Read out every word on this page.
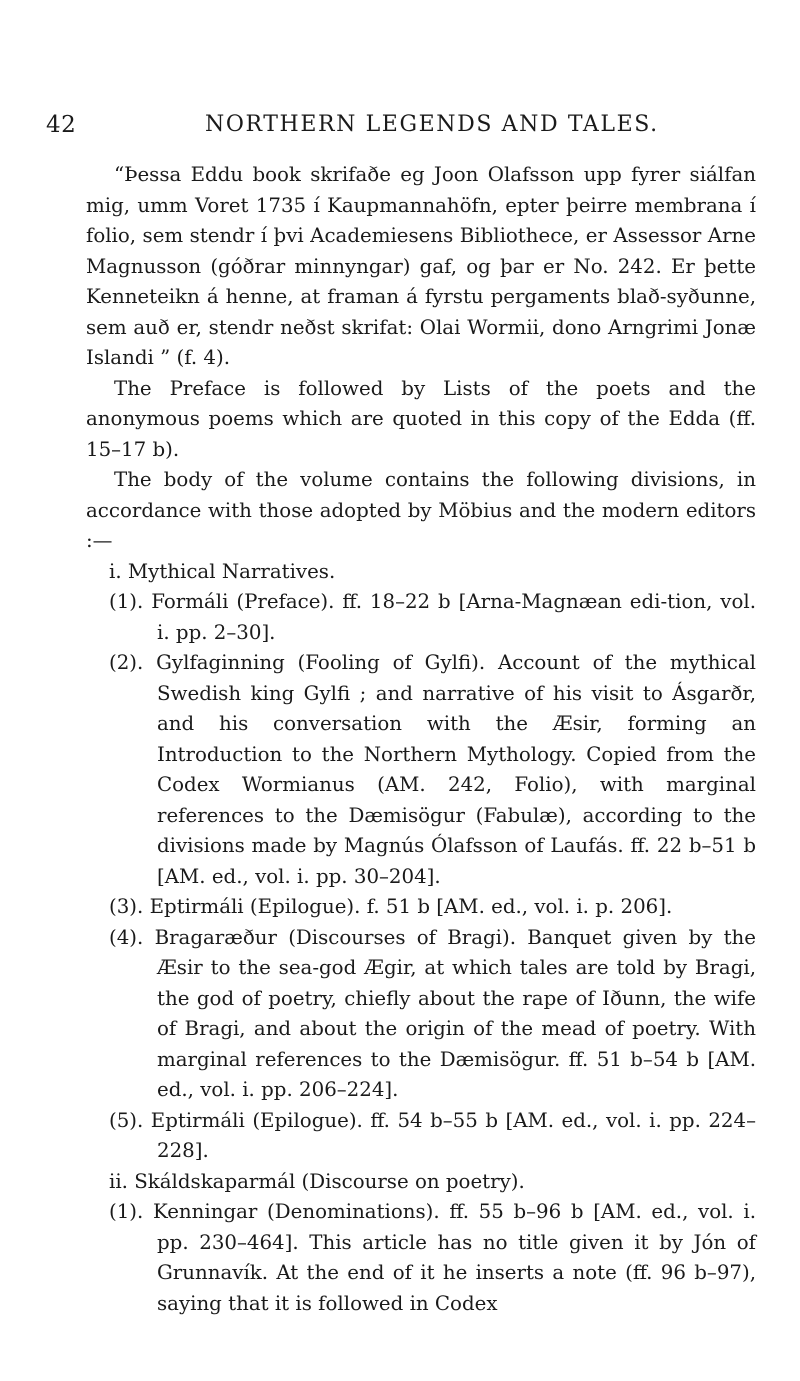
42	NORTHERN LEGENDS AND TALES.

“Þessa Eddu book skrifaðe eg Joon Olafsson upp fyrer siálfan mig, umm Voret 1735 í Kaupmannahöfn, epter þeirre membrana í folio, sem stendr í þvi Academiesens Bibliothece, er Assessor Arne Magnusson (góðrar minnyngar) gaf, og þar er No. 242. Er þette Kenneteikn á henne, at framan á fyrstu pergaments blað-syðunne, sem auð er, stendr neðst skrifat: Olai Wormii, dono Arngrimi Jonæ Islandi ” (f. 4).

The Preface is followed by Lists of the poets and the anonymous poems which are quoted in this copy of the Edda (ff. 15–17 b).

The body of the volume contains the following divisions, in accordance with those adopted by Möbius and the modern editors :—

i. Mythical Narratives.

(1). Formáli (Preface). ff. 18–22 b [Arna-Magnæan edi-tion, vol. i. pp. 2–30].

(2). Gylfaginning (Fooling of Gylfi). Account of the mythical Swedish king Gylfi ; and narrative of his visit to Ásgarðr, and his conversation with the Æsir, forming an Introduction to the Northern Mythology. Copied from the Codex Wormianus (AM. 242, Folio), with marginal references to the Dæmisögur (Fabulæ), according to the divisions made by Magnús Ólafsson of Laufás. ff. 22 b–51 b [AM. ed., vol. i. pp. 30–204].

(3). Eptirmáli (Epilogue). f. 51 b [AM. ed., vol. i. p. 206].

(4). Bragaræður (Discourses of Bragi). Banquet given by the Æsir to the sea-god Ægir, at which tales are told by Bragi, the god of poetry, chiefly about the rape of Iðunn, the wife of Bragi, and about the origin of the mead of poetry. With marginal references to the Dæmisögur. ff. 51 b–54 b [AM. ed., vol. i. pp. 206–224].

(5). Eptirmáli (Epilogue). ff. 54 b–55 b [AM. ed., vol. i. pp. 224–228].

ii. Skáldskaparmál (Discourse on poetry).

(1). Kenningar (Denominations). ff. 55 b–96 b [AM. ed., vol. i. pp. 230–464]. This article has no title given it by Jón of Grunnavík. At the end of it he inserts a note (ff. 96 b–97), saying that it is followed in Codex
